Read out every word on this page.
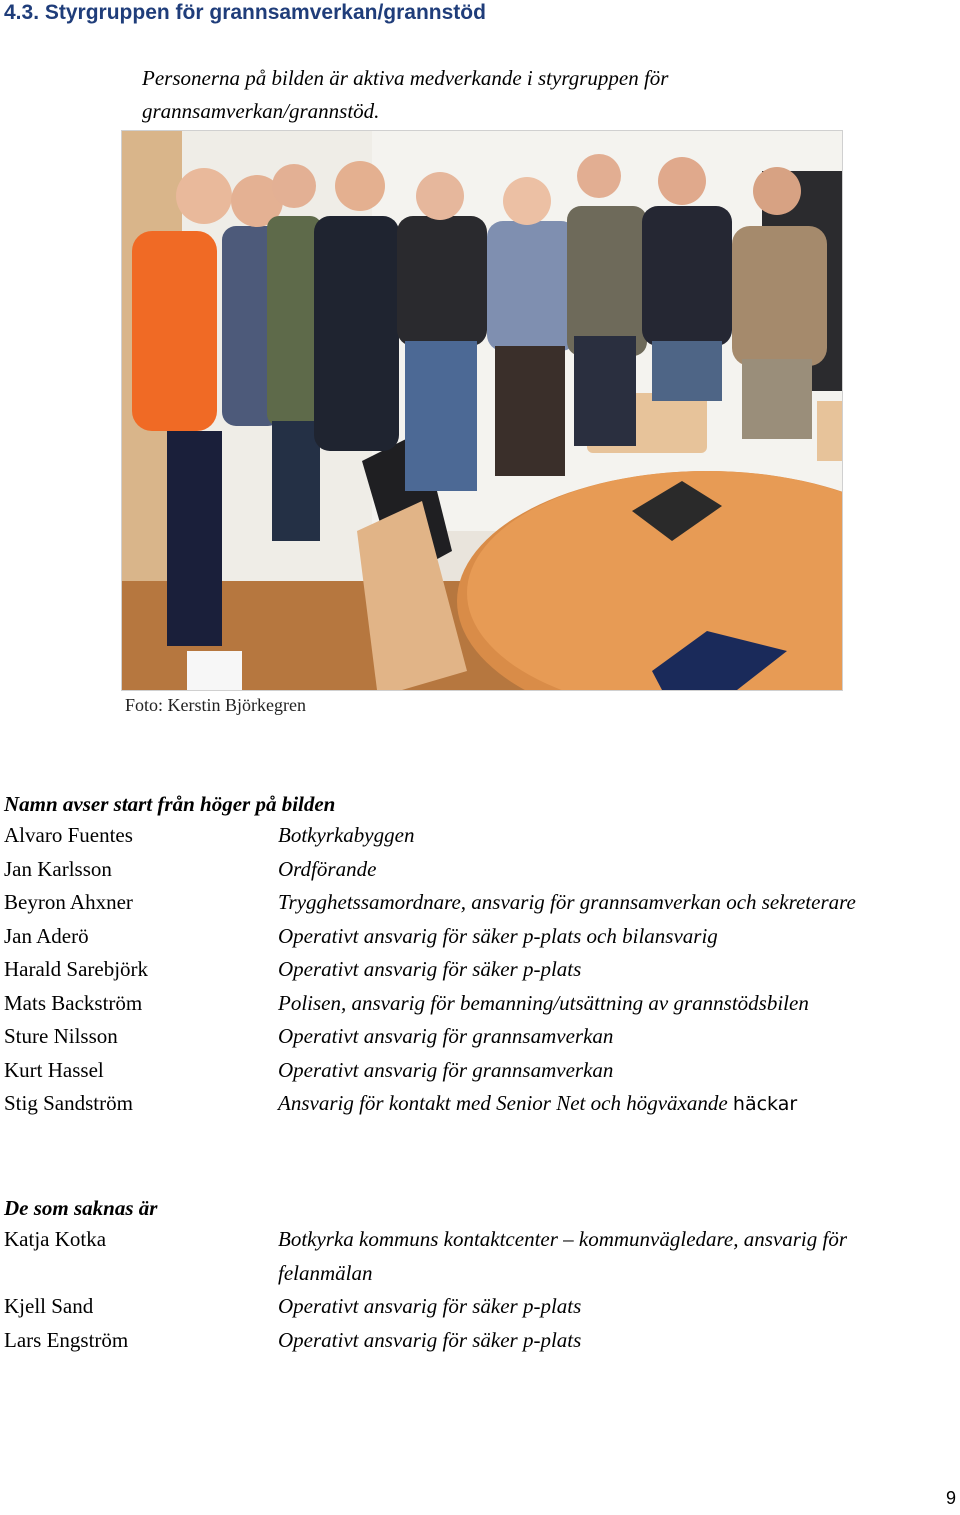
4.3. Styrgruppen för grannsamverkan/grannstöd
Personerna på bilden är aktiva medverkande i styrgruppen för grannsamverkan/grannstöd.
Foto: Kerstin Björkegren
Namn avser start från höger på bilden
Alvaro Fuentes	Botkyrkabyggen
Jan Karlsson	Ordförande
Beyron Ahxner	Trygghetssamordnare, ansvarig för grannsamverkan och sekreterare
Jan Aderö	Operativt ansvarig för säker p-plats och bilansvarig
Harald Sarebjörk	Operativt ansvarig för säker p-plats
Mats Backström	Polisen, ansvarig för bemanning/utsättning av grannstödsbilen
Sture Nilsson	Operativt ansvarig för grannsamverkan
Kurt Hassel	Operativt ansvarig för grannsamverkan
Stig Sandström	Ansvarig för kontakt med Senior Net och högväxande häckar
De som saknas är
Katja Kotka	Botkyrka kommuns kontaktcenter – kommunvägledare, ansvarig för felanmälan
Kjell Sand	Operativt ansvarig för säker p-plats
Lars Engström	Operativt ansvarig för säker p-plats
9
